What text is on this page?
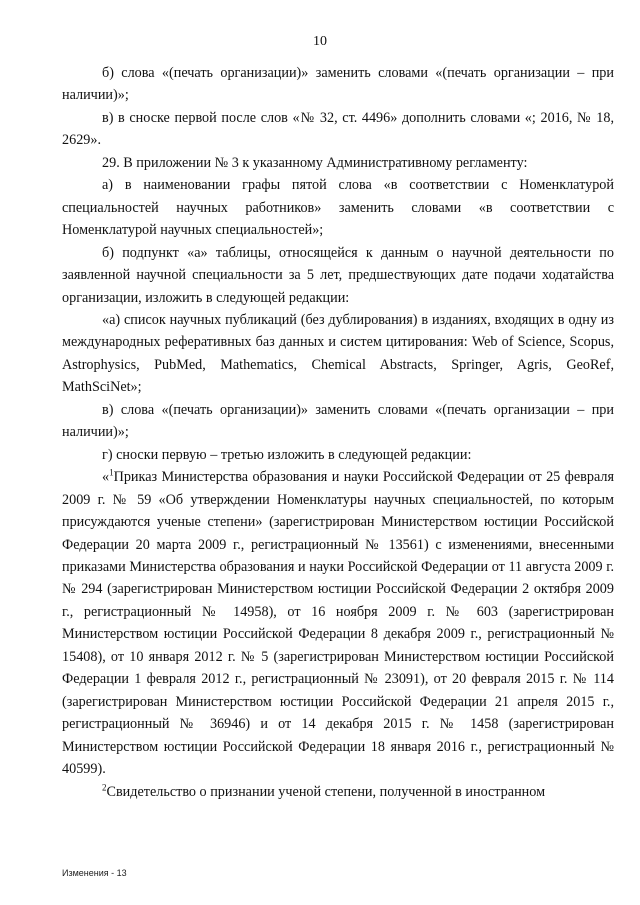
10

б) слова «(печать организации)» заменить словами «(печать организации – при наличии)»;

в) в сноске первой после слов «№ 32, ст. 4496» дополнить словами «; 2016, № 18, 2629».

29. В приложении № 3 к указанному Административному регламенту:

а) в наименовании графы пятой слова «в соответствии с Номенклатурой специальностей научных работников» заменить словами «в соответствии с Номенклатурой научных специальностей»;

б) подпункт «а» таблицы, относящейся к данным о научной деятельности по заявленной научной специальности за 5 лет, предшествующих дате подачи ходатайства организации, изложить в следующей редакции:

«а) список научных публикаций (без дублирования) в изданиях, входящих в одну из международных реферативных баз данных и систем цитирования: Web of Science, Scopus, Astrophysics, PubMed, Mathematics, Chemical Abstracts, Springer, Agris, GeoRef, MathSciNet»;

в) слова «(печать организации)» заменить словами «(печать организации – при наличии)»;

г) сноски первую – третью изложить в следующей редакции:

«$^1$Приказ Министерства образования и науки Российской Федерации от 25 февраля 2009 г. № 59 «Об утверждении Номенклатуры научных специальностей, по которым присуждаются ученые степени» (зарегистрирован Министерством юстиции Российской Федерации 20 марта 2009 г., регистрационный № 13561) с изменениями, внесенными приказами Министерства образования и науки Российской Федерации от 11 августа 2009 г. № 294 (зарегистрирован Министерством юстиции Российской Федерации 2 октября 2009 г., регистрационный № 14958), от 16 ноября 2009 г. № 603 (зарегистрирован Министерством юстиции Российской Федерации 8 декабря 2009 г., регистрационный № 15408), от 10 января 2012 г. № 5 (зарегистрирован Министерством юстиции Российской Федерации 1 февраля 2012 г., регистрационный № 23091), от 20 февраля 2015 г. № 114 (зарегистрирован Министерством юстиции Российской Федерации 21 апреля 2015 г., регистрационный № 36946) и от 14 декабря 2015 г. № 1458 (зарегистрирован Министерством юстиции Российской Федерации 18 января 2016 г., регистрационный № 40599).

$^2$Свидетельство о признании ученой степени, полученной в иностранном

Изменения - 13
